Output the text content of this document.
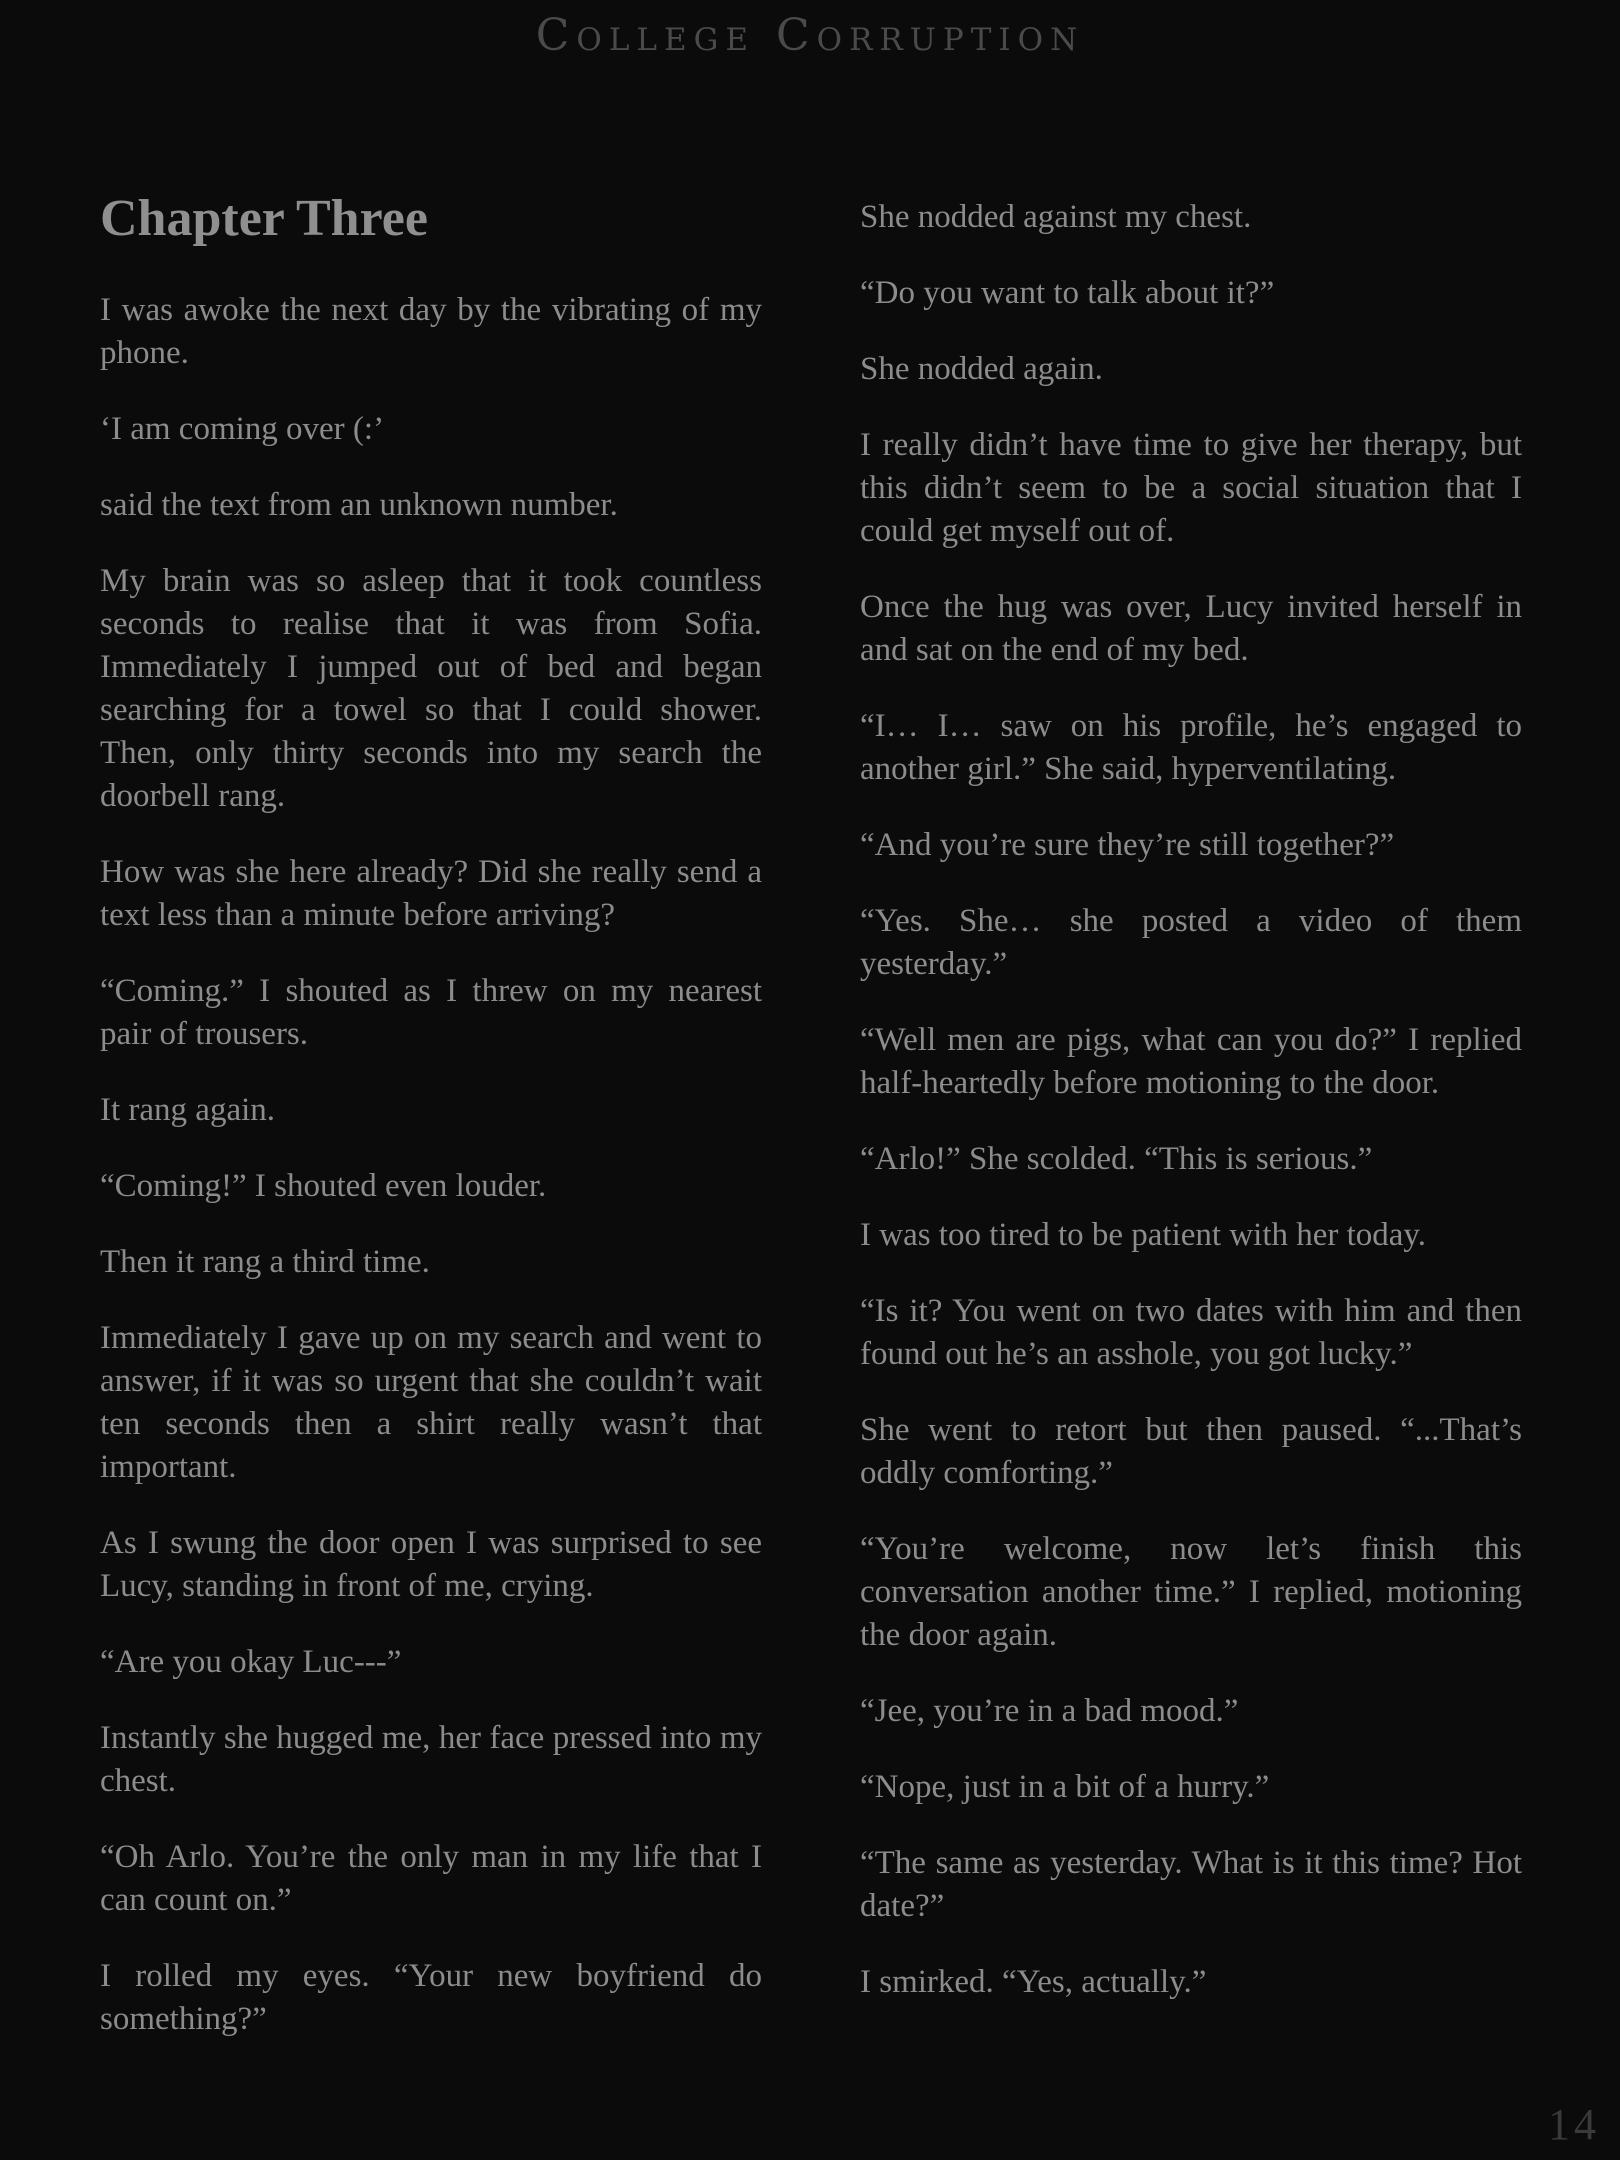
College Corruption
Chapter Three

I was awoke the next day by the vibrating of my phone.

‘I am coming over (:’

said the text from an unknown number.

My brain was so asleep that it took countless seconds to realise that it was from Sofia. Immediately I jumped out of bed and began searching for a towel so that I could shower. Then, only thirty seconds into my search the doorbell rang.

How was she here already? Did she really send a text less than a minute before arriving?

“Coming.” I shouted as I threw on my nearest pair of trousers.

It rang again.

“Coming!” I shouted even louder.

Then it rang a third time.

Immediately I gave up on my search and went to answer, if it was so urgent that she couldn’t wait ten seconds then a shirt really wasn’t that important.

As I swung the door open I was surprised to see Lucy, standing in front of me, crying.

“Are you okay Luc---”

Instantly she hugged me, her face pressed into my chest.

“Oh Arlo. You’re the only man in my life that I can count on.”

I rolled my eyes. “Your new boyfriend do something?”

She nodded against my chest.

“Do you want to talk about it?”

She nodded again.

I really didn’t have time to give her therapy, but this didn’t seem to be a social situation that I could get myself out of.

Once the hug was over, Lucy invited herself in and sat on the end of my bed.

“I… I… saw on his profile, he’s engaged to another girl.” She said, hyperventilating.

“And you’re sure they’re still together?”

“Yes. She… she posted a video of them yesterday.”

“Well men are pigs, what can you do?” I replied half-heartedly before motioning to the door.

“Arlo!” She scolded. “This is serious.”

I was too tired to be patient with her today.

“Is it? You went on two dates with him and then found out he’s an asshole, you got lucky.”

She went to retort but then paused. “...That’s oddly comforting.”

“You’re welcome, now let’s finish this conversation another time.” I replied, motioning the door again.

“Jee, you’re in a bad mood.”

“Nope, just in a bit of a hurry.”

“The same as yesterday. What is it this time? Hot date?”

I smirked. “Yes, actually.”

14
